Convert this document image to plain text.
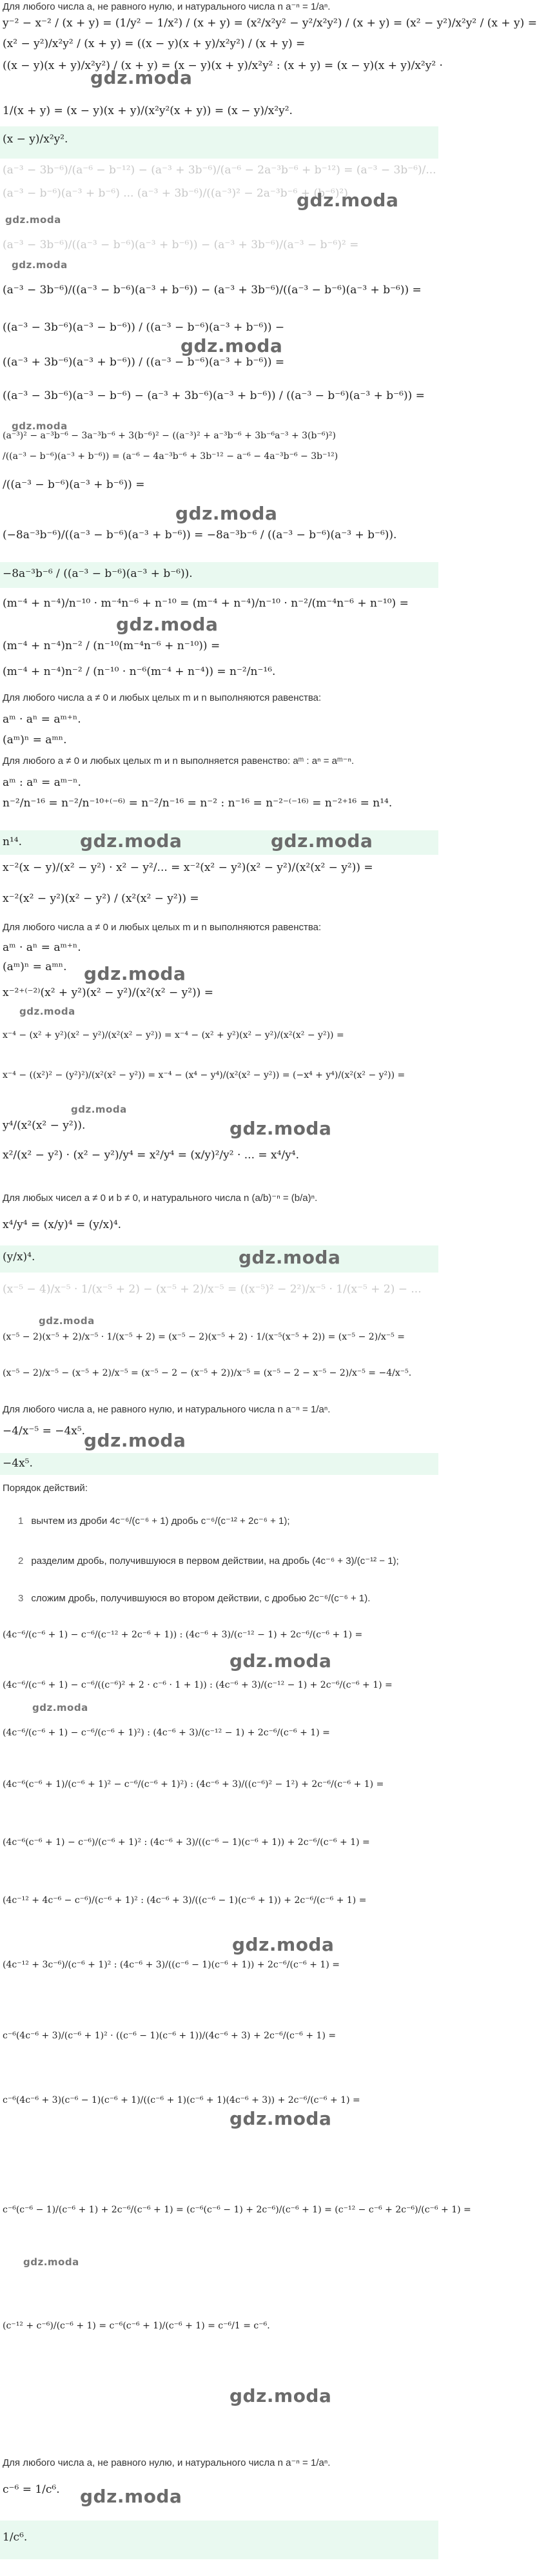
Для любого числа a, не равного нулю, и натурального числа n a⁻ⁿ = 1/aⁿ.
y⁻² − x⁻² / (x + y) = (1/y² − 1/x²) / (x + y) = (x²/x²y² − y²/x²y²) / (x + y) = (x² − y²)/x²y² / (x + y) =
(x² − y²)/x²y² / (x + y) = ((x − y)(x + y)/x²y²) / (x + y) =
((x − y)(x + y)/x²y²) / (x + y) = (x − y)(x + y)/x²y² : (x + y) = (x − y)(x + y)/x²y² ·
gdz.moda
1/(x + y) = (x − y)(x + y)/(x²y²(x + y)) = (x − y)/x²y².
(x − y)/x²y².
(a⁻³ − 3b⁻⁶)/(a⁻⁶ − b⁻¹²) − (a⁻³ + 3b⁻⁶)/(a⁻⁶ − 2a⁻³b⁻⁶ + b⁻¹²) = (a⁻³ − 3b⁻⁶)/...
(a⁻³ − b⁻⁶)(a⁻³ + b⁻⁶) ... (a⁻³ + 3b⁻⁶)/((a⁻³)² − 2a⁻³b⁻⁶ + (b⁻⁶)²)
gdz.moda
gdz.moda
(a⁻³ − 3b⁻⁶)/((a⁻³ − b⁻⁶)(a⁻³ + b⁻⁶)) − (a⁻³ + 3b⁻⁶)/(a⁻³ − b⁻⁶)² =
gdz.moda
(a⁻³ − 3b⁻⁶)/((a⁻³ − b⁻⁶)(a⁻³ + b⁻⁶)) − (a⁻³ + 3b⁻⁶)/((a⁻³ − b⁻⁶)(a⁻³ + b⁻⁶)) =
((a⁻³ − 3b⁻⁶)(a⁻³ − b⁻⁶)) / ((a⁻³ − b⁻⁶)(a⁻³ + b⁻⁶)) −
gdz.moda
((a⁻³ + 3b⁻⁶)(a⁻³ + b⁻⁶)) / ((a⁻³ − b⁻⁶)(a⁻³ + b⁻⁶)) =
((a⁻³ − 3b⁻⁶)(a⁻³ − b⁻⁶) − (a⁻³ + 3b⁻⁶)(a⁻³ + b⁻⁶)) / ((a⁻³ − b⁻⁶)(a⁻³ + b⁻⁶)) =
gdz.moda
(a⁻³)² − a⁻³b⁻⁶ − 3a⁻³b⁻⁶ + 3(b⁻⁶)² − ((a⁻³)² + a⁻³b⁻⁶ + 3b⁻⁶a⁻³ + 3(b⁻⁶)²)
/((a⁻³ − b⁻⁶)(a⁻³ + b⁻⁶)) = (a⁻⁶ − 4a⁻³b⁻⁶ + 3b⁻¹² − a⁻⁶ − 4a⁻³b⁻⁶ − 3b⁻¹²)
/((a⁻³ − b⁻⁶)(a⁻³ + b⁻⁶)) =
gdz.moda
(−8a⁻³b⁻⁶)/((a⁻³ − b⁻⁶)(a⁻³ + b⁻⁶)) = −8a⁻³b⁻⁶ / ((a⁻³ − b⁻⁶)(a⁻³ + b⁻⁶)).
−8a⁻³b⁻⁶ / ((a⁻³ − b⁻⁶)(a⁻³ + b⁻⁶)).
(m⁻⁴ + n⁻⁴)/n⁻¹⁰ · m⁻⁴n⁻⁶ + n⁻¹⁰ = (m⁻⁴ + n⁻⁴)/n⁻¹⁰ · n⁻²/(m⁻⁴n⁻⁶ + n⁻¹⁰) =
gdz.moda
(m⁻⁴ + n⁻⁴)n⁻² / (n⁻¹⁰(m⁻⁴n⁻⁶ + n⁻¹⁰)) =
(m⁻⁴ + n⁻⁴)n⁻² / (n⁻¹⁰ · n⁻⁶(m⁻⁴ + n⁻⁴)) = n⁻²/n⁻¹⁶.
Для любого числа a ≠ 0 и любых целых m и n выполняются равенства:
aᵐ · aⁿ = aᵐ⁺ⁿ.
(aᵐ)ⁿ = aᵐⁿ.
Для любого a ≠ 0 и любых целых m и n выполняется равенство: aᵐ : aⁿ = aᵐ⁻ⁿ.
aᵐ : aⁿ = aᵐ⁻ⁿ.
n⁻²/n⁻¹⁶ = n⁻²/n⁻¹⁰⁺⁽⁻⁶⁾ = n⁻²/n⁻¹⁶ = n⁻² : n⁻¹⁶ = n⁻²⁻⁽⁻¹⁶⁾ = n⁻²⁺¹⁶ = n¹⁴.
n¹⁴.	gdz.moda	gdz.moda
x⁻²(x − y)/(x² − y²) · x² − y²/... = x⁻²(x² − y²)(x² − y²)/(x²(x² − y²)) =
x⁻²(x² − y²)(x² − y²) / (x²(x² − y²)) =
Для любого числа a ≠ 0 и любых целых m и n выполняются равенства:
aᵐ · aⁿ = aᵐ⁺ⁿ.
(aᵐ)ⁿ = aᵐⁿ. gdz.moda
x⁻²⁺⁽⁻²⁾(x² + y²)(x² − y²)/(x²(x² − y²)) =
gdz.moda
x⁻⁴ − (x² + y²)(x² − y²)/(x²(x² − y²)) = x⁻⁴ − (x² + y²)(x² − y²)/(x²(x² − y²)) =
x⁻⁴ − ((x²)² − (y²)²)/(x²(x² − y²)) = x⁻⁴ − (x⁴ − y⁴)/(x²(x² − y²)) = (−x⁴ + y⁴)/(x²(x² − y²)) =
gdz.moda
y⁴/(x²(x² − y²)).	gdz.moda
x²/(x² − y²) · (x² − y²)/y⁴ = x²/y⁴ = (x/y)²/y² · ... = x⁴/y⁴.
Для любых чисел a ≠ 0 и b ≠ 0, и натурального числа n (a/b)⁻ⁿ = (b/a)ⁿ.
x⁴/y⁴ = (x/y)⁴ = (y/x)⁴.
(y/x)⁴.	gdz.moda
(x⁻⁵ − 4)/x⁻⁵ · 1/(x⁻⁵ + 2) − (x⁻⁵ + 2)/x⁻⁵ = ((x⁻⁵)² − 2²)/x⁻⁵ · 1/(x⁻⁵ + 2) − ...
gdz.moda
(x⁻⁵ − 2)(x⁻⁵ + 2)/x⁻⁵ · 1/(x⁻⁵ + 2) = (x⁻⁵ − 2)(x⁻⁵ + 2) · 1/(x⁻⁵(x⁻⁵ + 2)) = (x⁻⁵ − 2)/x⁻⁵ =
(x⁻⁵ − 2)/x⁻⁵ − (x⁻⁵ + 2)/x⁻⁵ = (x⁻⁵ − 2 − (x⁻⁵ + 2))/x⁻⁵ = (x⁻⁵ − 2 − x⁻⁵ − 2)/x⁻⁵ = −4/x⁻⁵.
Для любого числа a, не равного нулю, и натурального числа n a⁻ⁿ = 1/aⁿ.
−4/x⁻⁵ = −4x⁵.
gdz.moda
−4x⁵.
Порядок действий:
1 вычтем из дроби 4c⁻⁶/(c⁻⁶ + 1) дробь c⁻⁶/(c⁻¹² + 2c⁻⁶ + 1);
2 разделим дробь, получившуюся в первом действии, на дробь (4c⁻⁶ + 3)/(c⁻¹² − 1);
3 сложим дробь, получившуюся во втором действии, с дробью 2c⁻⁶/(c⁻⁶ + 1).
(4c⁻⁶/(c⁻⁶ + 1) − c⁻⁶/(c⁻¹² + 2c⁻⁶ + 1)) : (4c⁻⁶ + 3)/(c⁻¹² − 1) + 2c⁻⁶/(c⁻⁶ + 1) =
gdz.moda
(4c⁻⁶/(c⁻⁶ + 1) − c⁻⁶/((c⁻⁶)² + 2 · c⁻⁶ · 1 + 1)) : (4c⁻⁶ + 3)/(c⁻¹² − 1) + 2c⁻⁶/(c⁻⁶ + 1) =
gdz.moda
(4c⁻⁶/(c⁻⁶ + 1) − c⁻⁶/(c⁻⁶ + 1)²) : (4c⁻⁶ + 3)/(c⁻¹² − 1) + 2c⁻⁶/(c⁻⁶ + 1) =
(4c⁻⁶(c⁻⁶ + 1)/(c⁻⁶ + 1)² − c⁻⁶/(c⁻⁶ + 1)²) : (4c⁻⁶ + 3)/((c⁻⁶)² − 1²) + 2c⁻⁶/(c⁻⁶ + 1) =
(4c⁻⁶(c⁻⁶ + 1) − c⁻⁶)/(c⁻⁶ + 1)² : (4c⁻⁶ + 3)/((c⁻⁶ − 1)(c⁻⁶ + 1)) + 2c⁻⁶/(c⁻⁶ + 1) =
(4c⁻¹² + 4c⁻⁶ − c⁻⁶)/(c⁻⁶ + 1)² : (4c⁻⁶ + 3)/((c⁻⁶ − 1)(c⁻⁶ + 1)) + 2c⁻⁶/(c⁻⁶ + 1) =
gdz.moda
(4c⁻¹² + 3c⁻⁶)/(c⁻⁶ + 1)² : (4c⁻⁶ + 3)/((c⁻⁶ − 1)(c⁻⁶ + 1)) + 2c⁻⁶/(c⁻⁶ + 1) =
c⁻⁶(4c⁻⁶ + 3)/(c⁻⁶ + 1)² · ((c⁻⁶ − 1)(c⁻⁶ + 1))/(4c⁻⁶ + 3) + 2c⁻⁶/(c⁻⁶ + 1) =
c⁻⁶(4c⁻⁶ + 3)(c⁻⁶ − 1)(c⁻⁶ + 1)/((c⁻⁶ + 1)(c⁻⁶ + 1)(4c⁻⁶ + 3)) + 2c⁻⁶/(c⁻⁶ + 1) =
gdz.moda
c⁻⁶(c⁻⁶ − 1)/(c⁻⁶ + 1) + 2c⁻⁶/(c⁻⁶ + 1) = (c⁻⁶(c⁻⁶ − 1) + 2c⁻⁶)/(c⁻⁶ + 1) = (c⁻¹² − c⁻⁶ + 2c⁻⁶)/(c⁻⁶ + 1) =
gdz.moda
(c⁻¹² + c⁻⁶)/(c⁻⁶ + 1) = c⁻⁶(c⁻⁶ + 1)/(c⁻⁶ + 1) = c⁻⁶/1 = c⁻⁶.
gdz.moda
Для любого числа a, не равного нулю, и натурального числа n a⁻ⁿ = 1/aⁿ.
c⁻⁶ = 1/c⁶.	gdz.moda
1/c⁶.
